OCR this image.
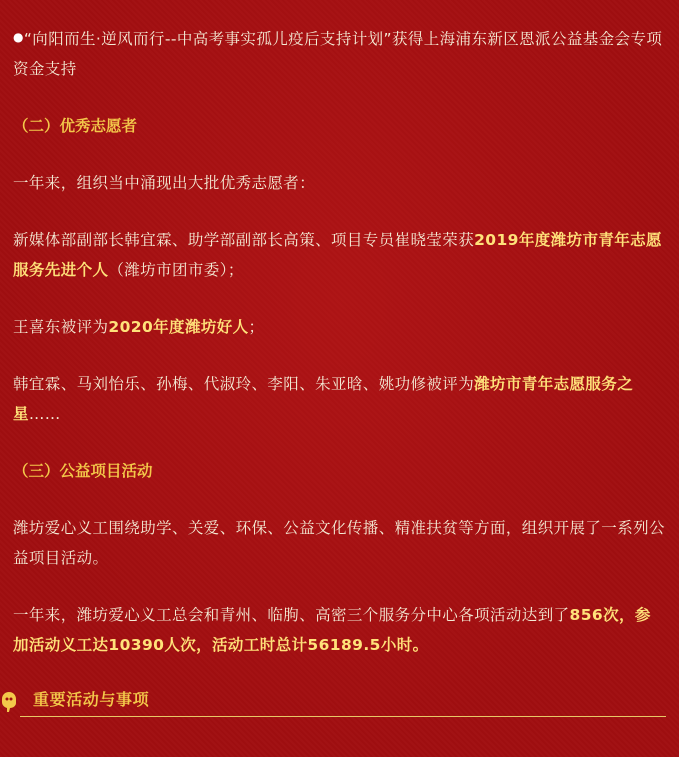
●“向阳而生·逆风而行--中高考事实孤儿疫后支持计划”获得上海浦东新区恩派公益基金会专项资金支持

（二）优秀志愿者

一年来，组织当中涌现出大批优秀志愿者：

新媒体部副部长韩宜霖、助学部副部长高策、项目专员崔晓莹荣获2019年度潍坊市青年志愿服务先进个人（潍坊市团市委）；

王喜东被评为2020年度潍坊好人；

韩宜霖、马刘怡乐、孙梅、代淑玲、李阳、朱亚晗、姚功修被评为潍坊市青年志愿服务之星……

（三）公益项目活动

潍坊爱心义工围绕助学、关爱、环保、公益文化传播、精准扶贫等方面，组织开展了一系列公益项目活动。

一年来，潍坊爱心义工总会和青州、临朐、高密三个服务分中心各项活动达到了856次，参加活动义工达10390人次，活动工时总计56189.5小时。

重要活动与事项
